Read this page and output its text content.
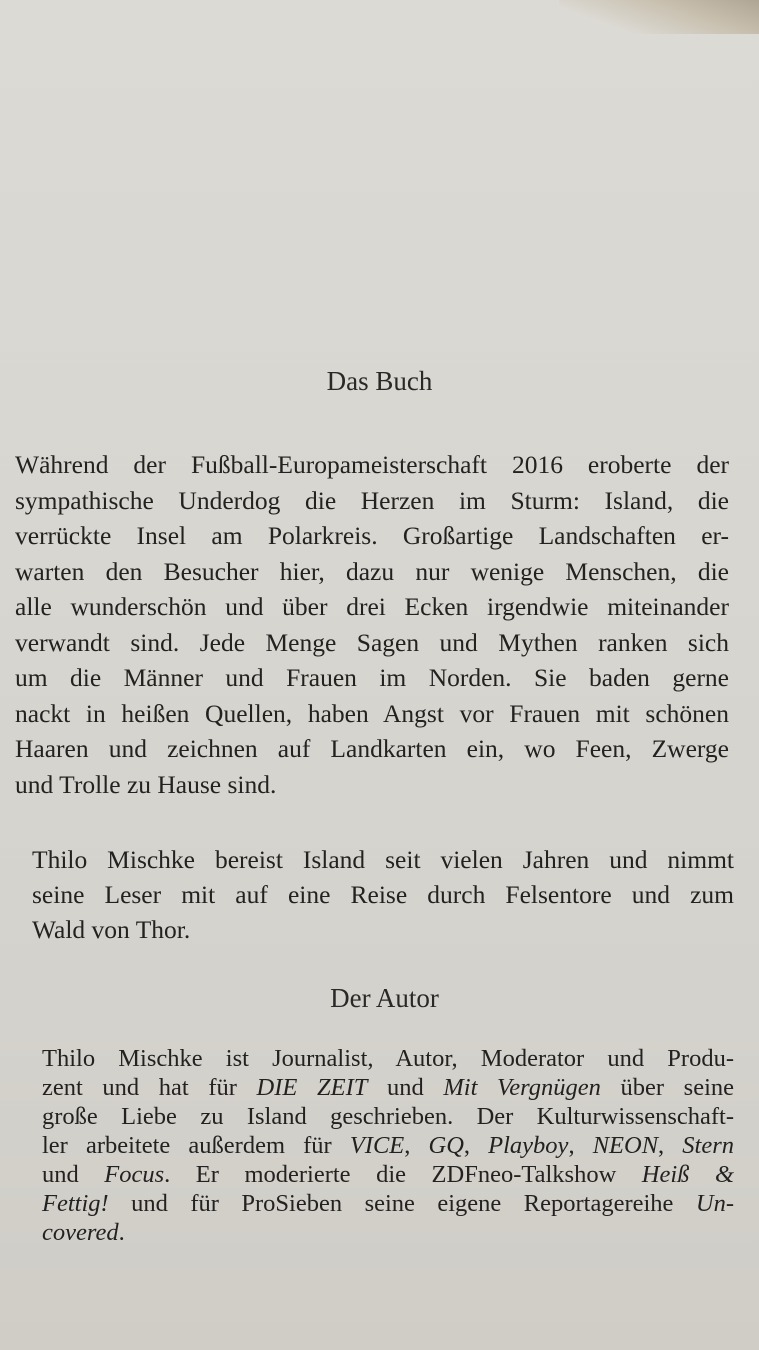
Das Buch
Während der Fußball-Europameisterschaft 2016 eroberte der
sympathische Underdog die Herzen im Sturm: Island, die
verrückte Insel am Polarkreis. Großartige Landschaften er-
warten den Besucher hier, dazu nur wenige Menschen, die
alle wunderschön und über drei Ecken irgendwie miteinander
verwandt sind. Jede Menge Sagen und Mythen ranken sich
um die Männer und Frauen im Norden. Sie baden gerne
nackt in heißen Quellen, haben Angst vor Frauen mit schönen
Haaren und zeichnen auf Landkarten ein, wo Feen, Zwerge
und Trolle zu Hause sind.
Thilo Mischke bereist Island seit vielen Jahren und nimmt
seine Leser mit auf eine Reise durch Felsentore und zum
Wald von Thor.
Der Autor
Thilo Mischke ist Journalist, Autor, Moderator und Produ-
zent und hat für DIE ZEIT und Mit Vergnügen über seine
große Liebe zu Island geschrieben. Der Kulturwissenschaft-
ler arbeitete außerdem für VICE, GQ, Playboy, NEON, Stern
und Focus. Er moderierte die ZDFneo-Talkshow Heiß &
Fettig! und für ProSieben seine eigene Reportagereihe Un-
covered.
